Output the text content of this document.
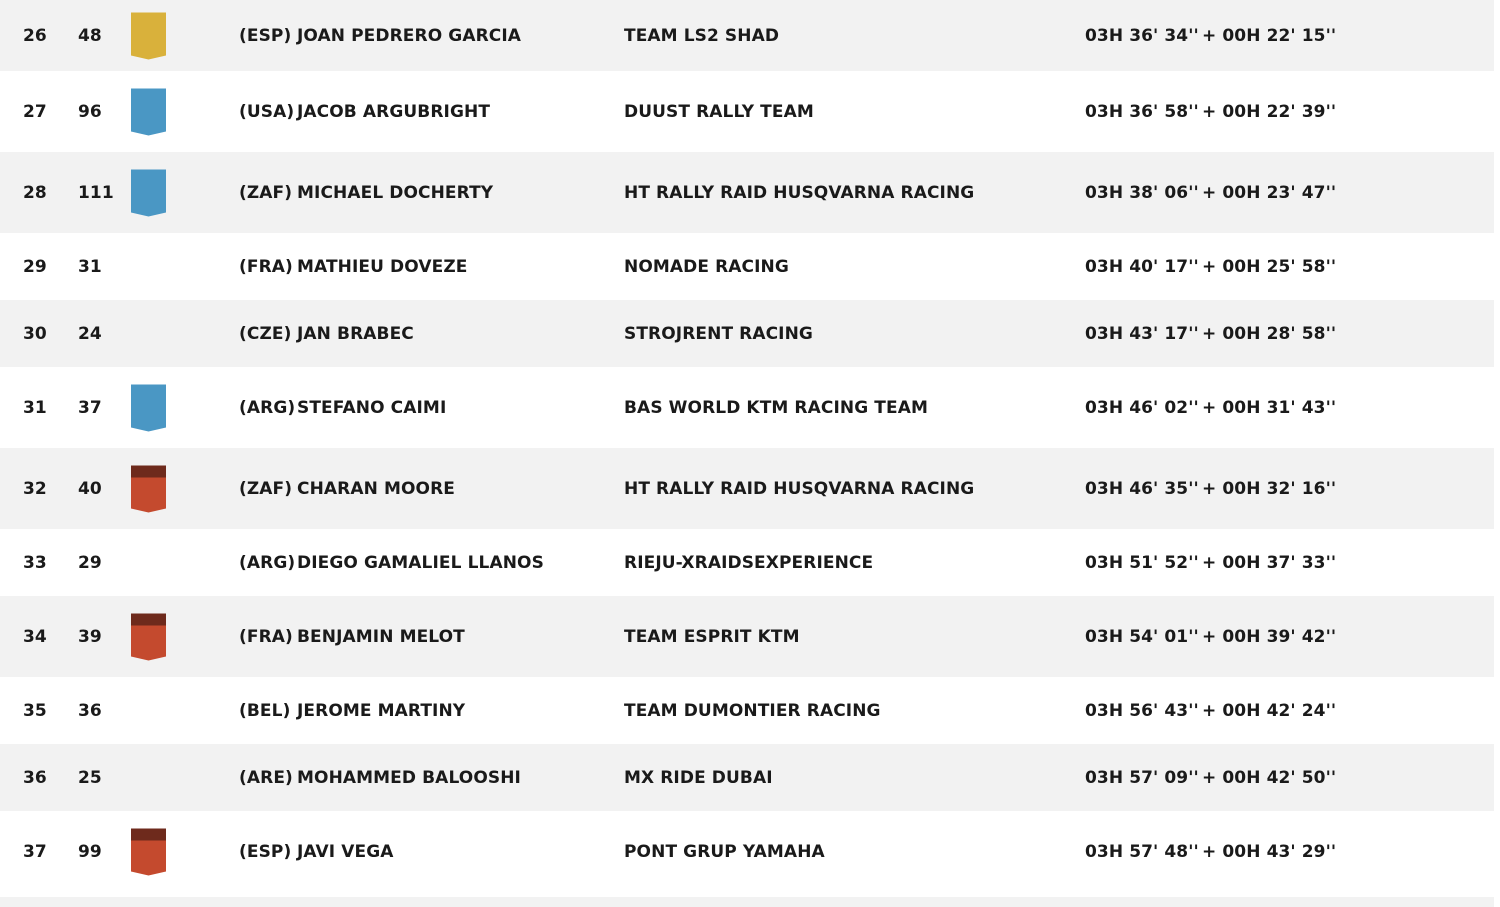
26 48	(ESP) JOAN PEDRERO GARCIA	TEAM LS2 SHAD	03H 36' 34'' + 00H 22' 15''
27 96	(USA) JACOB ARGUBRIGHT	DUUST RALLY TEAM	03H 36' 58'' + 00H 22' 39''
28 111	(ZAF) MICHAEL DOCHERTY	HT RALLY RAID HUSQVARNA RACING	03H 38' 06'' + 00H 23' 47''
29 31	(FRA) MATHIEU DOVEZE	NOMADE RACING	03H 40' 17'' + 00H 25' 58''
30 24	(CZE) JAN BRABEC	STROJRENT RACING	03H 43' 17'' + 00H 28' 58''
31 37	(ARG) STEFANO CAIMI	BAS WORLD KTM RACING TEAM	03H 46' 02'' + 00H 31' 43''
32 40	(ZAF) CHARAN MOORE	HT RALLY RAID HUSQVARNA RACING	03H 46' 35'' + 00H 32' 16''
33 29	(ARG) DIEGO GAMALIEL LLANOS	RIEJU-XRAIDSEXPERIENCE	03H 51' 52'' + 00H 37' 33''
34 39	(FRA) BENJAMIN MELOT	TEAM ESPRIT KTM	03H 54' 01'' + 00H 39' 42''
35 36	(BEL) JEROME MARTINY	TEAM DUMONTIER RACING	03H 56' 43'' + 00H 42' 24''
36 25	(ARE) MOHAMMED BALOOSHI	MX RIDE DUBAI	03H 57' 09'' + 00H 42' 50''
37 99	(ESP) JAVI VEGA	PONT GRUP YAMAHA	03H 57' 48'' + 00H 43' 29''
